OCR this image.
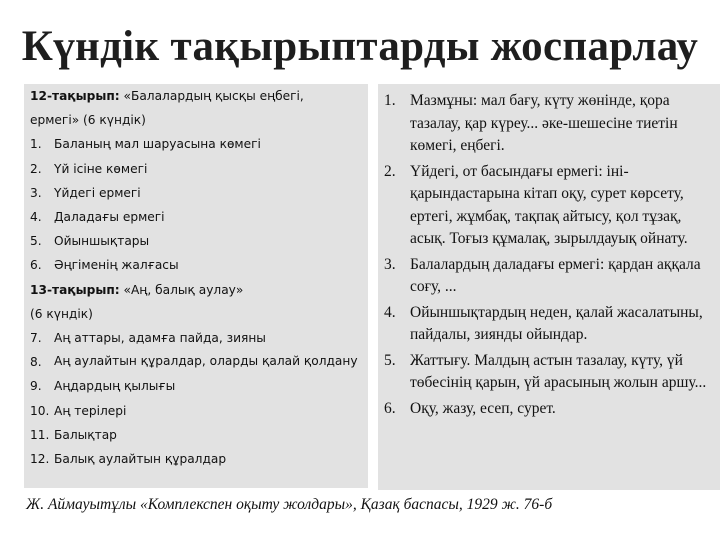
Күндік тақырыптарды жоспарлау
12-тақырып: «Балалардың қысқы еңбегі,
ермегі» (6 күндік)
1.	Баланың мал шаруасына көмегі
2.	Үй ісіне көмегі
3.	Үйдегі ермегі
4.	Даладағы ермегі
5.	Ойыншықтары
6.	Әңгіменің жалғасы
13-тақырып: «Аң, балық аулау»
(6 күндік)
7.	Аң аттары, адамға пайда, зияны
8.	Аң аулайтын құралдар, оларды қалай қолдану
9.	Аңдардың қылығы
10. Аң терілері
11. Балықтар
12. Балық аулайтын құралдар
1. Мазмұны: мал бағу, күту жөнінде, қора тазалау, қар күреу... әке-шешесіне тиетін көмегі, еңбегі.
2. Үйдегі, от басындағы ермегі: іні-қарындастарына кітап оқу, сурет көрсету, ертегі, жұмбақ, тақпақ айтысу, қол тұзақ, асық. Тоғыз құмалақ, зырылдауық ойнату.
3. Балалардың даладағы ермегі: қардан аққала соғу, ...
4. Ойыншықтардың неден, қалай жасалатыны, пайдалы, зиянды ойындар.
5. Жаттығу. Малдың астын тазалау, күту, үй төбесінің қарын, үй арасының жолын аршу...
6. Оқу, жазу, есеп, сурет.
Ж. Аймауытұлы «Комплекспен оқыту жолдары», Қазақ баспасы, 1929 ж. 76-б
